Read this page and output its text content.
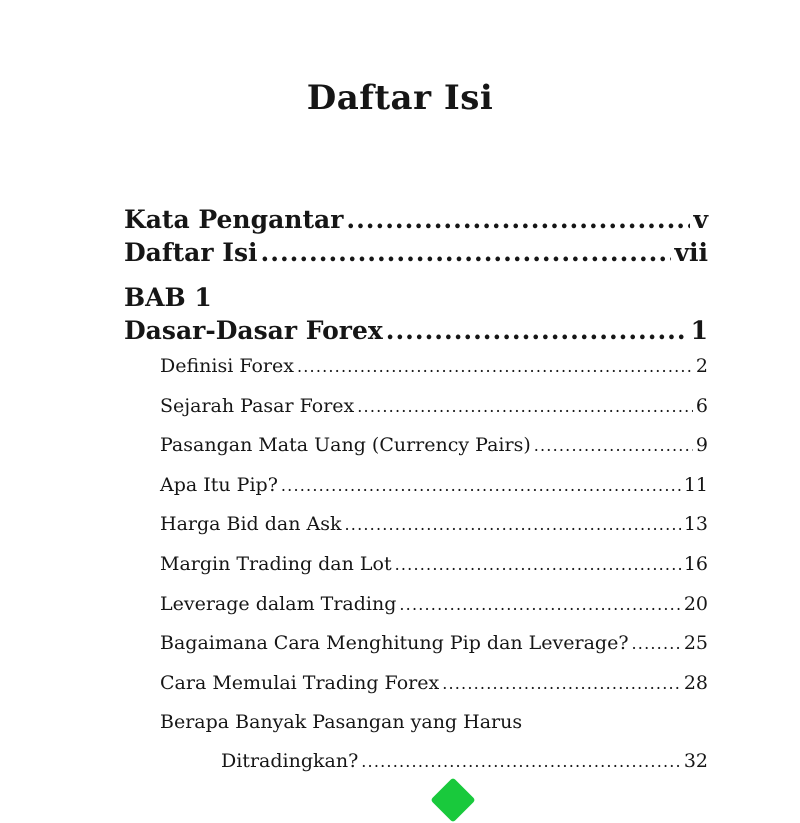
Daftar Isi
Kata Pengantar .....	v
Daftar Isi .....	vii
BAB 1
Dasar-Dasar Forex .....	1
Definisi Forex .....	2
Sejarah Pasar Forex .....	6
Pasangan Mata Uang (Currency Pairs) .....	9
Apa Itu Pip? .....	11
Harga Bid dan Ask .....	13
Margin Trading dan Lot .....	16
Leverage dalam Trading .....	20
Bagaimana Cara Menghitung Pip dan Leverage? .....	25
Cara Memulai Trading Forex .....	28
Berapa Banyak Pasangan yang Harus
Ditradingkan? .....	32
